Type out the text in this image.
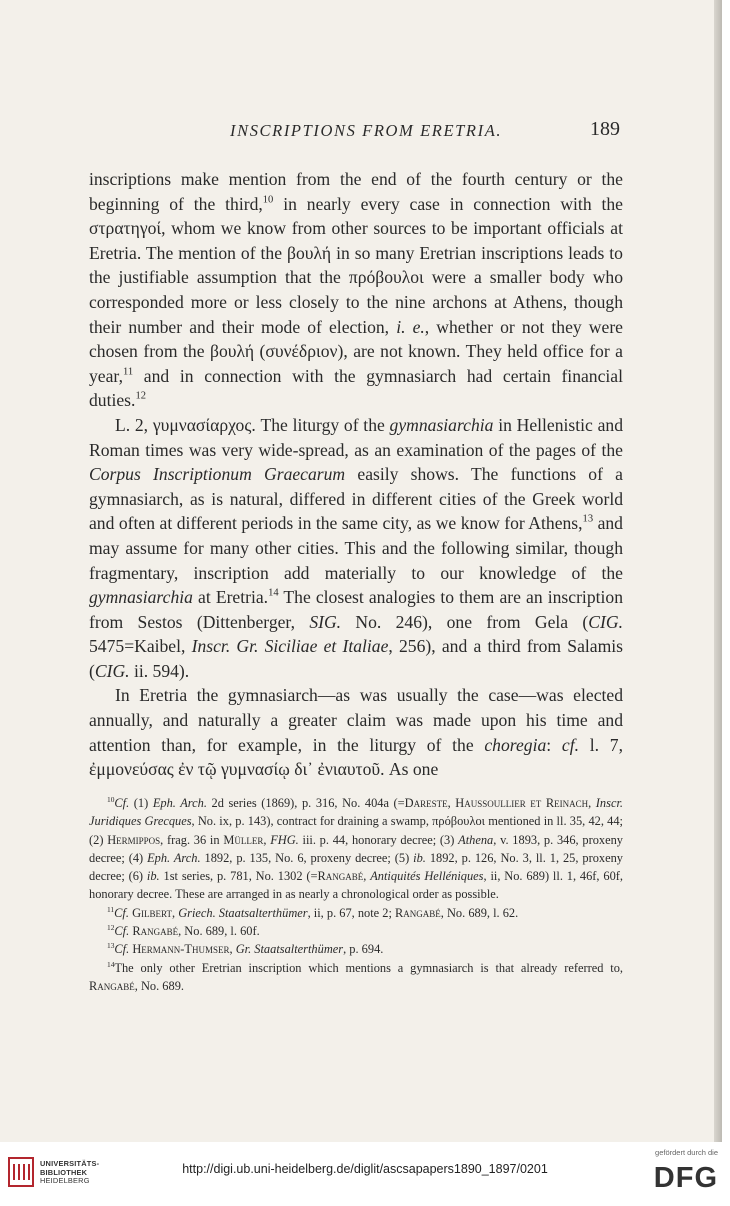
INSCRIPTIONS FROM ERETRIA.	189

inscriptions make mention from the end of the fourth century or the beginning of the third,$^{10}$ in nearly every case in connection with the στρατηγοί, whom we know from other sources to be important officials at Eretria. The mention of the βουλή in so many Eretrian inscriptions leads to the justifiable assumption that the πρόβουλοι were a smaller body who corresponded more or less closely to the nine archons at Athens, though their number and their mode of election, i. e., whether or not they were chosen from the βουλή (συνέδριον), are not known. They held office for a year,$^{11}$ and in connection with the gymnasiarch had certain financial duties.$^{12}$

L. 2, γυμνασίαρχος. The liturgy of the gymnasiarchia in Hellenistic and Roman times was very wide-spread, as an examination of the pages of the Corpus Inscriptionum Graecarum easily shows. The functions of a gymnasiarch, as is natural, differed in different cities of the Greek world and often at different periods in the same city, as we know for Athens,$^{13}$ and may assume for many other cities. This and the following similar, though fragmentary, inscription add materially to our knowledge of the gymnasiarchia at Eretria.$^{14}$ The closest analogies to them are an inscription from Sestos (Dittenberger, SIG. No. 246), one from Gela (CIG. 5475=Kaibel, Inscr. Gr. Siciliae et Italiae, 256), and a third from Salamis (CIG. ii. 594).

In Eretria the gymnasiarch—as was usually the case—was elected annually, and naturally a greater claim was made upon his time and attention than, for example, in the liturgy of the choregia: cf. l. 7, ἐμμονεύσας ἐν τῷ γυμνασίῳ δι᾽ ἐνιαυτοῦ. As one

$^{10}$Cf. (1) Eph. Arch. 2d series (1869), p. 316, No. 404a (=Dareste, Haussoullier et Reinach, Inscr. Juridiques Grecques, No. ix, p. 143), contract for draining a swamp, πρόβουλοι mentioned in ll. 35, 42, 44; (2) Hermippos, frag. 36 in Müller, FHG. iii. p. 44, honorary decree; (3) Athena, v. 1893, p. 346, proxeny decree; (4) Eph. Arch. 1892, p. 135, No. 6, proxeny decree; (5) ib. 1892, p. 126, No. 3, ll. 1, 25, proxeny decree; (6) ib. 1st series, p. 781, No. 1302 (=Rangabé, Antiquités Helléniques, ii, No. 689) ll. 1, 46f, 60f, honorary decree. These are arranged in as nearly a chronological order as possible.

$^{11}$Cf. Gilbert, Griech. Staatsalterthümer, ii, p. 67, note 2; Rangabé, No. 689, l. 62.

$^{12}$Cf. Rangabé, No. 689, l. 60f.

$^{13}$Cf. Hermann-Thumser, Gr. Staatsalterthümer, p. 694.

$^{14}$The only other Eretrian inscription which mentions a gymnasiarch is that already referred to, Rangabé, No. 689.

UNIVERSITÄTS-
BIBLIOTHEK
HEIDELBERG
http://digi.ub.uni-heidelberg.de/diglit/ascsapapers1890_1897/0201
gefördert durch die
DFG
